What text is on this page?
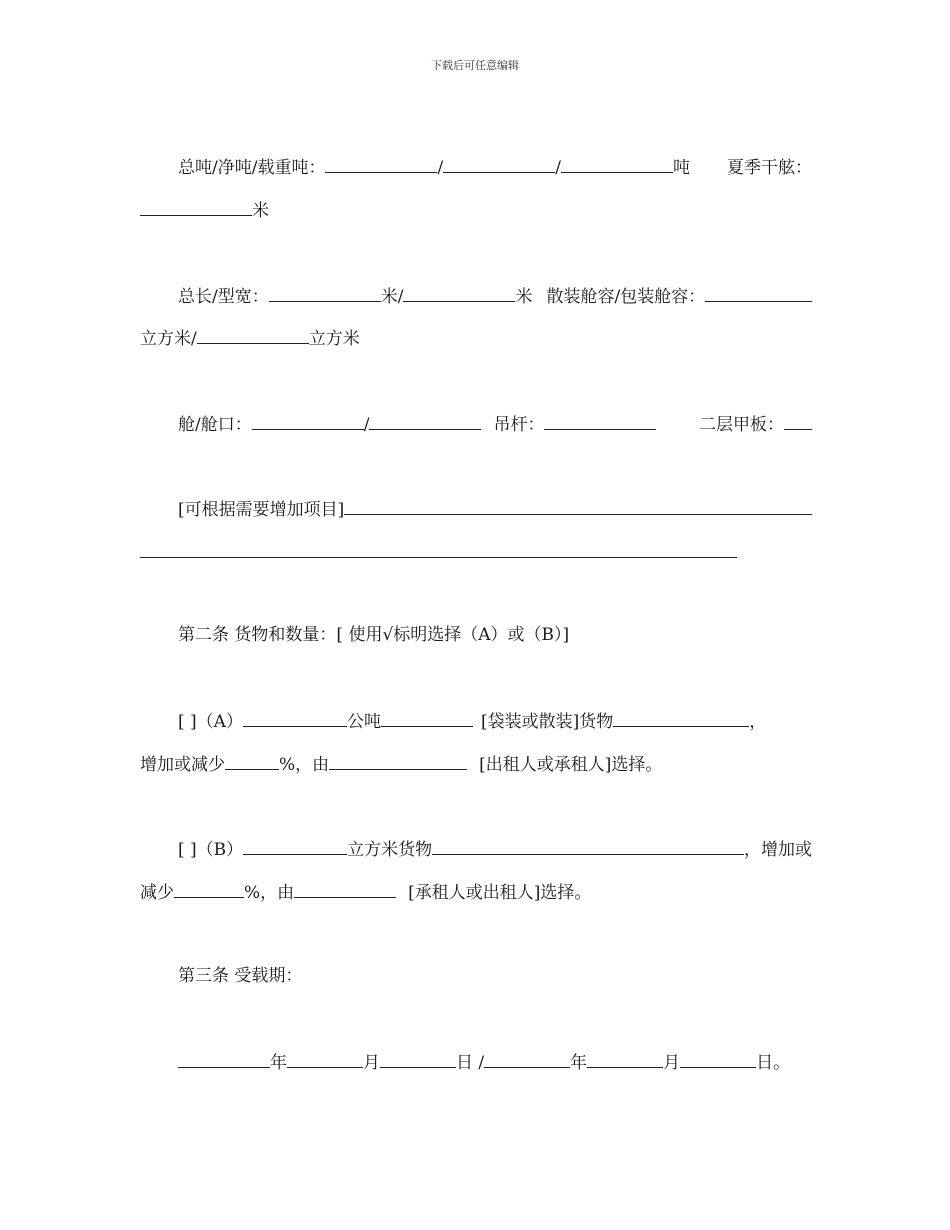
下载后可任意编辑
总吨/净吨/载重吨：	/	/	吨 夏季干舷：
米
总长/型宽：	米/	米 散装舱容/包装舱容：
立方米/	立方米
舱/舱口：	/	吊杆：	二层甲板：
[可根据需要增加项目]
第二条 货物和数量：[ 使用√标明选择（A）或（B）]
[ ] （A）	公吨	[袋装或散装]货物	，
增加或减少	%，由	[出租人或承租人]选择。
[ ] （B）	立方米货物	，增加或
减少	%，由	[承租人或出租人]选择。
第三条 受载期：
年	月	日 /	年	月	日。
